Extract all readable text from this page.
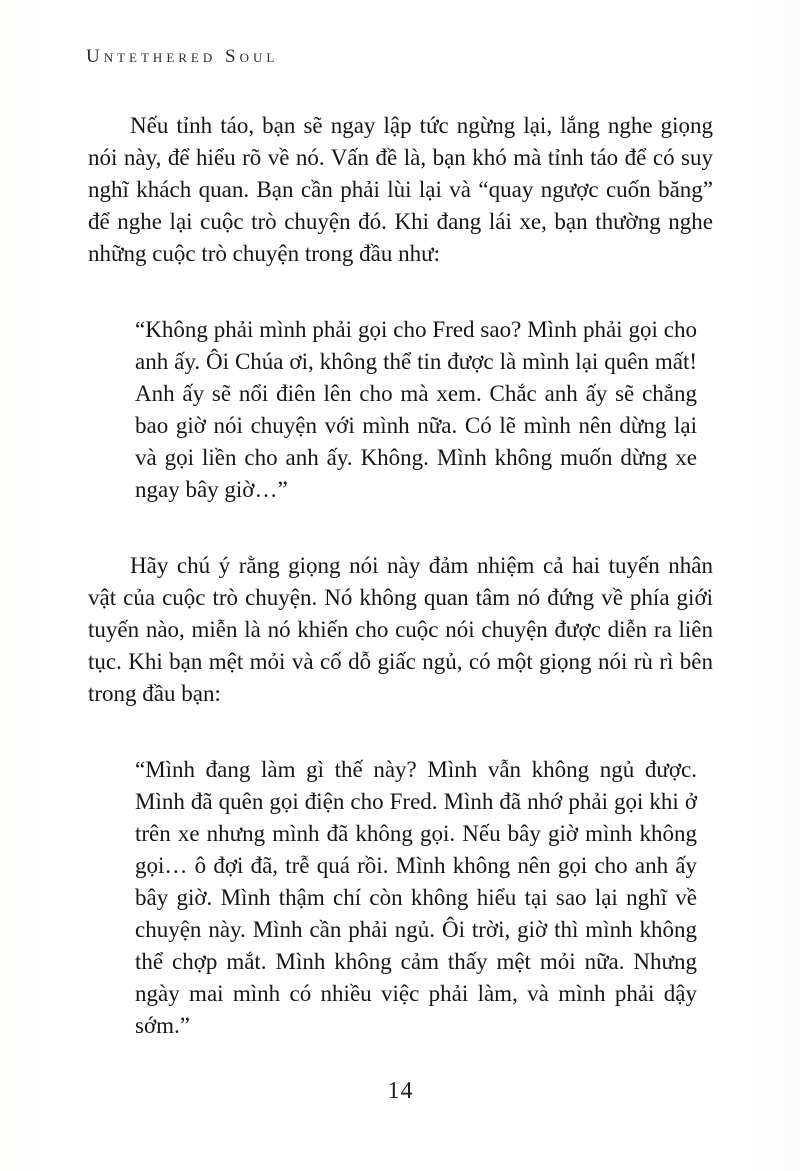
Untethered Soul

Nếu tỉnh táo, bạn sẽ ngay lập tức ngừng lại, lắng nghe giọng nói này, để hiểu rõ về nó. Vấn đề là, bạn khó mà tỉnh táo để có suy nghĩ khách quan. Bạn cần phải lùi lại và “quay ngược cuốn băng” để nghe lại cuộc trò chuyện đó. Khi đang lái xe, bạn thường nghe những cuộc trò chuyện trong đầu như:

“Không phải mình phải gọi cho Fred sao? Mình phải gọi cho anh ấy. Ôi Chúa ơi, không thể tin được là mình lại quên mất! Anh ấy sẽ nổi điên lên cho mà xem. Chắc anh ấy sẽ chẳng bao giờ nói chuyện với mình nữa. Có lẽ mình nên dừng lại và gọi liền cho anh ấy. Không. Mình không muốn dừng xe ngay bây giờ…”

Hãy chú ý rằng giọng nói này đảm nhiệm cả hai tuyến nhân vật của cuộc trò chuyện. Nó không quan tâm nó đứng về phía giới tuyến nào, miễn là nó khiến cho cuộc nói chuyện được diễn ra liên tục. Khi bạn mệt mỏi và cố dỗ giấc ngủ, có một giọng nói rù rì bên trong đầu bạn:

“Mình đang làm gì thế này? Mình vẫn không ngủ được. Mình đã quên gọi điện cho Fred. Mình đã nhớ phải gọi khi ở trên xe nhưng mình đã không gọi. Nếu bây giờ mình không gọi… ô đợi đã, trễ quá rồi. Mình không nên gọi cho anh ấy bây giờ. Mình thậm chí còn không hiểu tại sao lại nghĩ về chuyện này. Mình cần phải ngủ. Ôi trời, giờ thì mình không thể chợp mắt. Mình không cảm thấy mệt mỏi nữa. Nhưng ngày mai mình có nhiều việc phải làm, và mình phải dậy sớm.”

14
